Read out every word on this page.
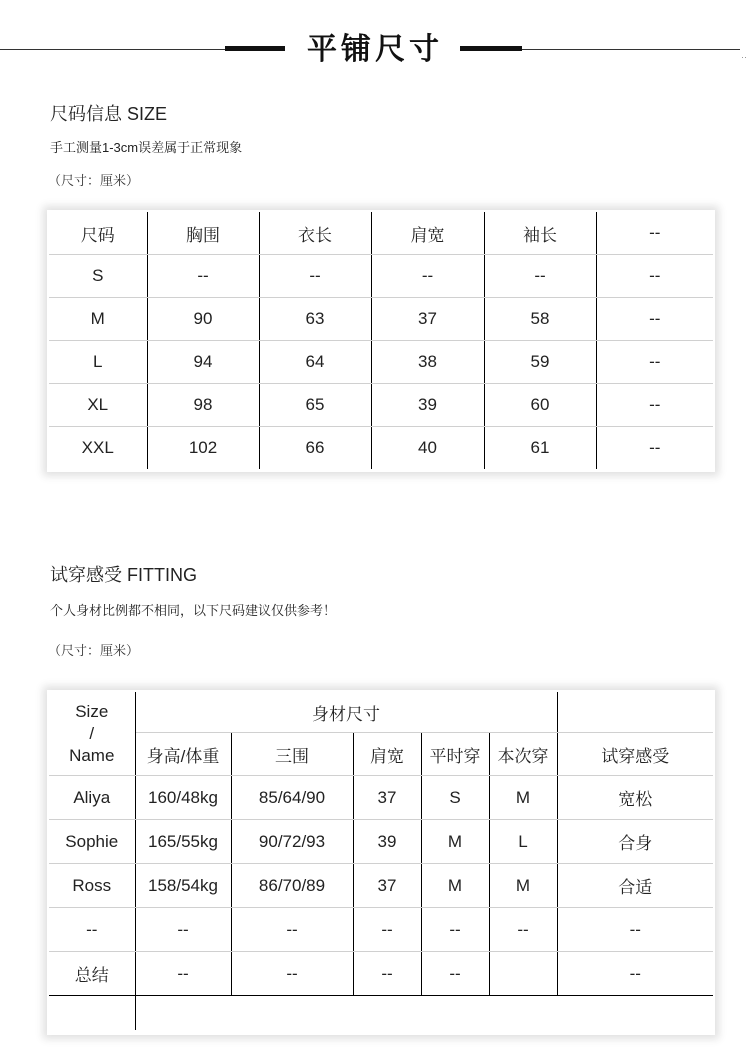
平铺尺寸	··
尺码信息 SIZE
手工测量1-3cm误差属于正常现象
（尺寸：厘米）
尺码	胸围	衣长	肩宽	袖长	--
S	--	--	--	--	--
M	90	63	37	58	--
L	94	64	38	59	--
XL	98	65	39	60	--
XXL	102	66	40	61	--
试穿感受 FITTING
个人身材比例都不相同，以下尺码建议仅供参考！
（尺寸：厘米）
Size
/
Name	身材尺寸					
	身高/体重	三围	肩宽	平时穿	本次穿	试穿感受
Aliya	160/48kg	85/64/90	37	S	M	宽松
Sophie	165/55kg	90/72/93	39	M	L	合身
Ross	158/54kg	86/70/89	37	M	M	合适
--	--	--	--	--	--	--
总结	--	--	--	--		--
